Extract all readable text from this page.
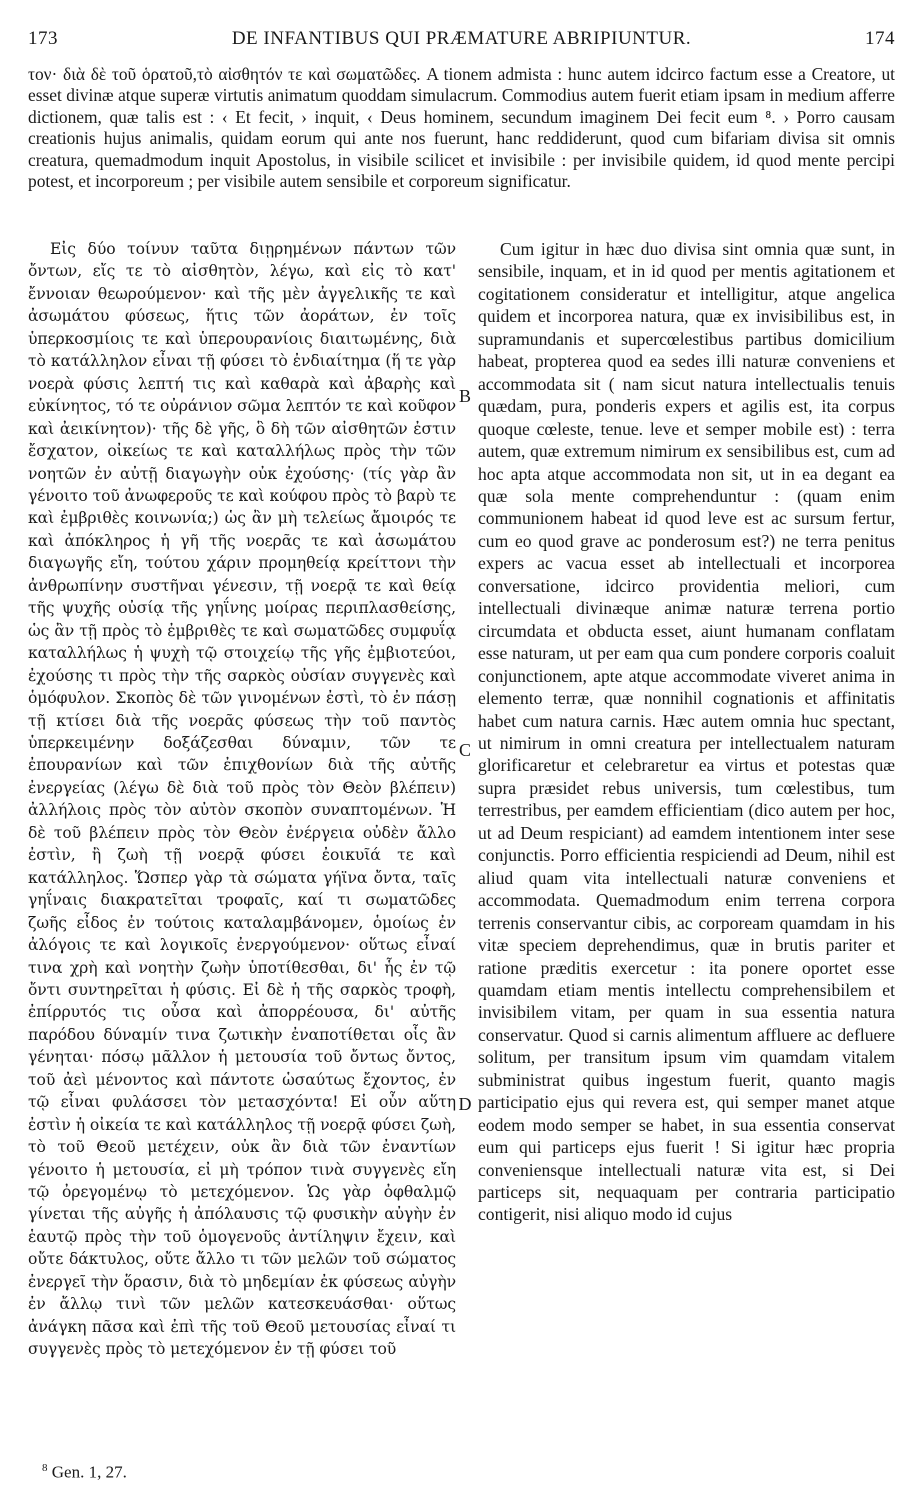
173	DE INFANTIBUS QUI PRÆMATURE ABRIPIUNTUR.	174
τον· διὰ δὲ τοῦ ὁρατοῦ,τὸ αἰσθητόν τε καὶ σωματῶδες. A tionem admista : hunc autem idcirco factum esse a Creatore, ut esset divinæ atque superæ virtutis animatum quoddam simulacrum. Commodius autem fuerit etiam ipsam in medium afferre dictionem, quæ talis est : ‹ Et fecit, › inquit, ‹ Deus hominem, secundum imaginem Dei fecit eum ⁸. › Porro causam creationis hujus animalis, quidam eorum qui ante nos fuerunt, hanc reddiderunt, quod cum bifariam divisa sit omnis creatura, quemadmodum inquit Apostolus, in visibile scilicet et invisibile : per invisibile quidem, id quod mente percipi potest, et incorporeum ; per visibile autem sensibile et corporeum significatur.

Εἰς δύο τοίνυν ταῦτα διῃρημένων πάντων τῶν ὄντων, εἴς τε τὸ αἰσθητὸν, λέγω, καὶ εἰς τὸ κατ' ἔννοιαν θεωρούμενον· καὶ τῆς μὲν ἀγγελικῆς τε καὶ ἀσωμάτου φύσεως, ἥτις τῶν ἀοράτων, ἐν τοῖς ὑπερκοσμίοις τε καὶ ὑπερουρανίοις διαιτωμένης, διὰ τὸ κατάλληλον εἶναι τῇ φύσει τὸ ἐνδιαίτημα (ἥ τε γὰρ νοερὰ φύσις λεπτή τις καὶ καθαρὰ καὶ ἀβαρὴς καὶ εὐκίνητος, τό τε οὐράνιον σῶμα λεπτόν τε καὶ κοῦφον καὶ ἀεικίνητον)· τῆς δὲ γῆς, ὃ δὴ τῶν αἰσθητῶν ἐστιν ἔσχατον, οἰκείως τε καὶ καταλλήλως πρὸς τὴν τῶν νοητῶν ἐν αὐτῇ διαγωγὴν οὐκ ἐχούσης· (τίς γὰρ ἂν γένοιτο τοῦ ἀνωφεροῦς τε καὶ κούφου πρὸς τὸ βαρὺ τε καὶ ἐμβριθὲς κοινωνία;) ὡς ἂν μὴ τελείως ἄμοιρός τε καὶ ἀπόκληρος ἡ γῆ τῆς νοερᾶς τε καὶ ἀσωμάτου διαγωγῆς εἴη, τούτου χάριν προμηθείᾳ κρείττονι τὴν ἀνθρωπίνην συστῆναι γένεσιν, τῇ νοερᾷ τε καὶ θείᾳ τῆς ψυχῆς οὐσίᾳ τῆς γηΐνης μοίρας περιπλασθείσης, ὡς ἂν τῇ πρὸς τὸ ἐμβριθὲς τε καὶ σωματῶδες συμφυΐᾳ καταλλήλως ἡ ψυχὴ τῷ στοιχείῳ τῆς γῆς ἐμβιοτεύοι, ἐχούσης τι πρὸς τὴν τῆς σαρκὸς οὐσίαν συγγενὲς καὶ ὁμόφυλον. Σκοπὸς δὲ τῶν γινομένων ἐστὶ, τὸ ἐν πάσῃ τῇ κτίσει διὰ τῆς νοερᾶς φύσεως τὴν τοῦ παντὸς ὑπερκειμένην δοξάζεσθαι δύναμιν, τῶν τε ἐπουρανίων καὶ τῶν ἐπιχθονίων διὰ τῆς αὐτῆς ἐνεργείας (λέγω δὲ διὰ τοῦ πρὸς τὸν Θεὸν βλέπειν) ἀλλήλοις πρὸς τὸν αὐτὸν σκοπὸν συναπτομένων. Ἡ δὲ τοῦ βλέπειν πρὸς τὸν Θεὸν ἐνέργεια οὐδὲν ἄλλο ἐστὶν, ἢ ζωὴ τῇ νοερᾷ φύσει ἐοικυῖά τε καὶ κατάλληλος. Ὥσπερ γὰρ τὰ σώματα γήϊνα ὄντα, ταῖς γηΐναις διακρατεῖται τροφαῖς, καί τι σωματῶδες ζωῆς εἶδος ἐν τούτοις καταλαμβάνομεν, ὁμοίως ἐν ἀλόγοις τε καὶ λογικοῖς ἐνεργούμενον· οὕτως εἶναί τινα χρὴ καὶ νοητὴν ζωὴν ὑποτίθεσθαι, δι' ἧς ἐν τῷ ὄντι συντηρεῖται ἡ φύσις. Εἰ δὲ ἡ τῆς σαρκὸς τροφὴ, ἐπίρρυτός τις οὖσα καὶ ἀπορρέουσα, δι' αὐτῆς παρόδου δύναμίν τινα ζωτικὴν ἐναποτίθεται οἷς ἂν γένηται· πόσῳ μᾶλλον ἡ μετουσία τοῦ ὄντως ὄντος, τοῦ ἀεὶ μένοντος καὶ πάντοτε ὡσαύτως ἔχοντος, ἐν τῷ εἶναι φυλάσσει τὸν μετασχόντα! Εἰ οὖν αὕτη ἐστὶν ἡ οἰκεία τε καὶ κατάλληλος τῇ νοερᾷ φύσει ζωὴ, τὸ τοῦ Θεοῦ μετέχειν, οὐκ ἂν διὰ τῶν ἐναντίων γένοιτο ἡ μετουσία, εἰ μὴ τρόπον τινὰ συγγενὲς εἴη τῷ ὀρεγομένῳ τὸ μετεχόμενον. Ὡς γὰρ ὀφθαλμῷ γίνεται τῆς αὐγῆς ἡ ἀπόλαυσις τῷ φυσικὴν αὐγὴν ἐν ἑαυτῷ πρὸς τὴν τοῦ ὁμογενοῦς ἀντίληψιν ἔχειν, καὶ οὔτε δάκτυλος, οὔτε ἄλλο τι τῶν μελῶν τοῦ σώματος ἐνεργεῖ τὴν ὅρασιν, διὰ τὸ μηδεμίαν ἐκ φύσεως αὐγὴν ἐν ἄλλῳ τινὶ τῶν μελῶν κατεσκευάσθαι· οὕτως ἀνάγκη πᾶσα καὶ ἐπὶ τῆς τοῦ Θεοῦ μετουσίας εἶναί τι συγγενὲς πρὸς τὸ μετεχόμενον ἐν τῇ φύσει τοῦ

B
C
D

Cum igitur in hæc duo divisa sint omnia quæ sunt, in sensibile, inquam, et in id quod per mentis agitationem et cogitationem consideratur et intelligitur, atque angelica quidem et incorporea natura, quæ ex invisibilibus est, in supramundanis et supercœlestibus partibus domicilium habeat, propterea quod ea sedes illi naturæ conveniens et accommodata sit ( nam sicut natura intellectualis tenuis quædam, pura, ponderis expers et agilis est, ita corpus quoque cœleste, tenue. leve et semper mobile est) : terra autem, quæ extremum nimirum ex sensibilibus est, cum ad hoc apta atque accommodata non sit, ut in ea degant ea quæ sola mente comprehenduntur : (quam enim communionem habeat id quod leve est ac sursum fertur, cum eo quod grave ac ponderosum est?) ne terra penitus expers ac vacua esset ab intellectuali et incorporea conversatione, idcirco providentia meliori, cum intellectuali divinæque animæ naturæ terrena portio circumdata et obducta esset, aiunt humanam conflatam esse naturam, ut per eam qua cum pondere corporis coaluit conjunctionem, apte atque accommodate viveret anima in elemento terræ, quæ nonnihil cognationis et affinitatis habet cum natura carnis. Hæc autem omnia huc spectant, ut nimirum in omni creatura per intellectualem naturam glorificaretur et celebraretur ea virtus et potestas quæ supra præsidet rebus universis, tum cœlestibus, tum terrestribus, per eamdem efficientiam (dico autem per hoc, ut ad Deum respiciant) ad eamdem intentionem inter sese conjunctis. Porro efficientia respiciendi ad Deum, nihil est aliud quam vita intellectuali naturæ conveniens et accommodata. Quemadmodum enim terrena corpora terrenis conservantur cibis, ac corpoream quamdam in his vitæ speciem deprehendimus, quæ in brutis pariter et ratione præditis exercetur : ita ponere oportet esse quamdam etiam mentis intellectu comprehensibilem et invisibilem vitam, per quam in sua essentia natura conservatur. Quod si carnis alimentum affluere ac defluere solitum, per transitum ipsum vim quamdam vitalem subministrat quibus ingestum fuerit, quanto magis participatio ejus qui revera est, qui semper manet atque eodem modo semper se habet, in sua essentia conservat eum qui particeps ejus fuerit ! Si igitur hæc propria conveniensque intellectuali naturæ vita est, si Dei particeps sit, nequaquam per contraria participatio contigerit, nisi aliquo modo id cujus

$^8$ Gen. 1, 27.
